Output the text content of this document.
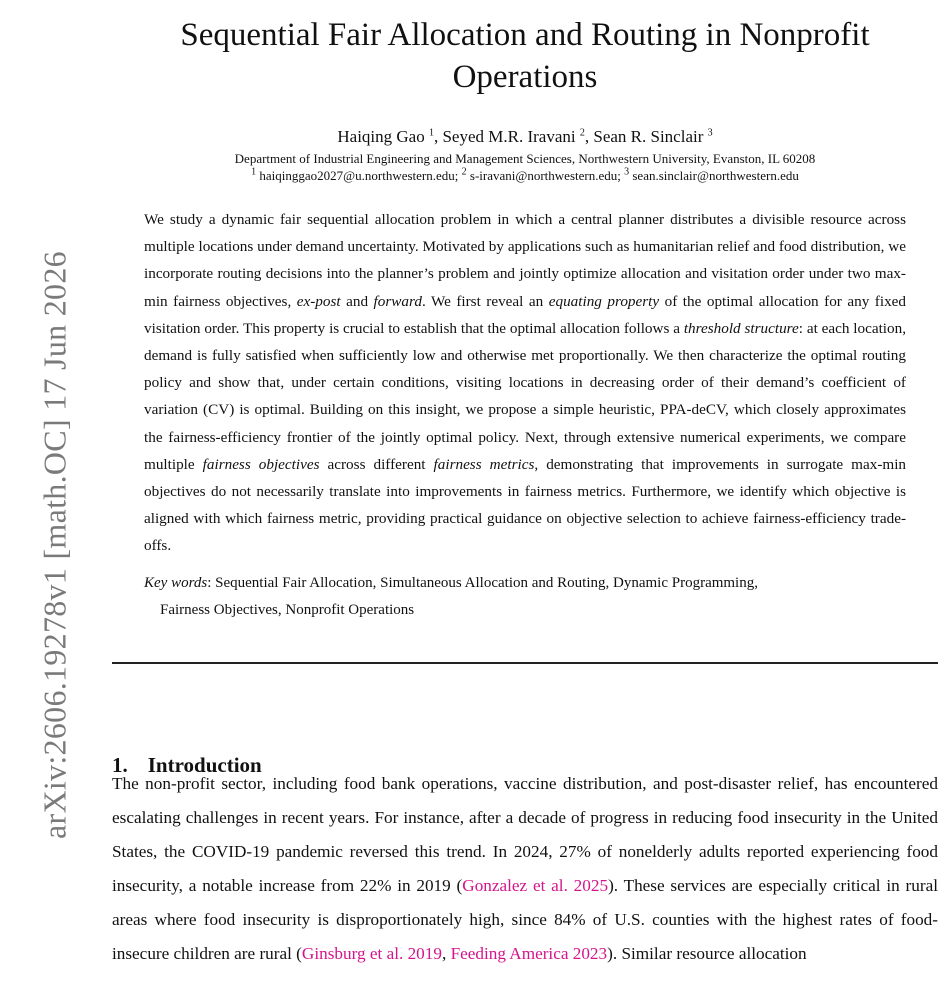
arXiv:2606.19278v1 [math.OC] 17 Jun 2026
Sequential Fair Allocation and Routing in Nonprofit Operations
Haiqing Gao $^1$, Seyed M.R. Iravani $^2$, Sean R. Sinclair $^3$
Department of Industrial Engineering and Management Sciences, Northwestern University, Evanston, IL 60208
$^1$ haiqinggao2027@u.northwestern.edu; $^2$ s-iravani@northwestern.edu; $^3$ sean.sinclair@northwestern.edu

We study a dynamic fair sequential allocation problem in which a central planner distributes a divisible resource across multiple locations under demand uncertainty. Motivated by applications such as humanitarian relief and food distribution, we incorporate routing decisions into the planner’s problem and jointly optimize allocation and visitation order under two max-min fairness objectives, ex-post and forward. We first reveal an equating property of the optimal allocation for any fixed visitation order. This property is crucial to establish that the optimal allocation follows a threshold structure: at each location, demand is fully satisfied when sufficiently low and otherwise met proportionally. We then characterize the optimal routing policy and show that, under certain conditions, visiting locations in decreasing order of their demand’s coefficient of variation (CV) is optimal. Building on this insight, we propose a simple heuristic, PPA-deCV, which closely approximates the fairness-efficiency frontier of the jointly optimal policy. Next, through extensive numerical experiments, we compare multiple fairness objectives across different fairness metrics, demonstrating that improvements in surrogate max-min objectives do not necessarily translate into improvements in fairness metrics. Furthermore, we identify which objective is aligned with which fairness metric, providing practical guidance on objective selection to achieve fairness-efficiency trade-offs.

Key words: Sequential Fair Allocation, Simultaneous Allocation and Routing, Dynamic Programming,
Fairness Objectives, Nonprofit Operations
1. Introduction

The non-profit sector, including food bank operations, vaccine distribution, and post-disaster relief, has encountered escalating challenges in recent years. For instance, after a decade of progress in reducing food insecurity in the United States, the COVID-19 pandemic reversed this trend. In 2024, 27% of nonelderly adults reported experiencing food insecurity, a notable increase from 22% in 2019 (Gonzalez et al. 2025). These services are especially critical in rural areas where food insecurity is disproportionately high, since 84% of U.S. counties with the highest rates of food-insecure children are rural (Ginsburg et al. 2019, Feeding America 2023). Similar resource allocation
